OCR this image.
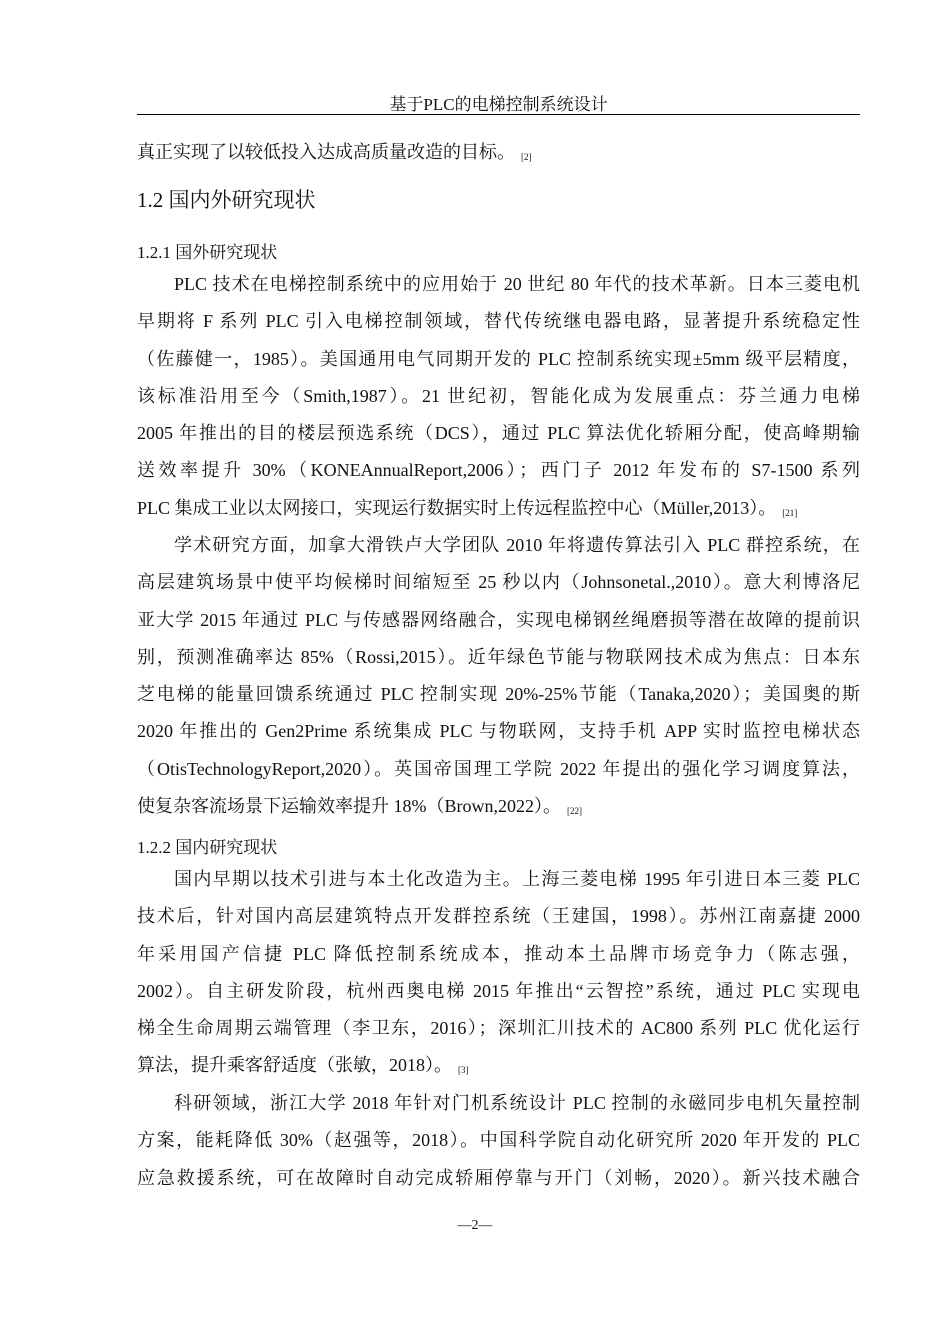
基于PLC的电梯控制系统设计
真正实现了以较低投入达成高质量改造的目标。 [2]
1.2 国内外研究现状
1.2.1 国外研究现状
PLC 技术在电梯控制系统中的应用始于 20 世纪 80 年代的技术革新。日本三菱电机
早期将 F 系列 PLC 引入电梯控制领域，替代传统继电器电路，显著提升系统稳定性
（佐藤健一，1985）。美国通用电气同期开发的 PLC 控制系统实现±5mm 级平层精度，
该标准沿用至今（Smith,1987）。21 世纪初，智能化成为发展重点：芬兰通力电梯
2005 年推出的目的楼层预选系统（DCS），通过 PLC 算法优化轿厢分配，使高峰期输
送效率提升 30%（KONEAnnualReport,2006）；西门子 2012 年发布的 S7-1500 系列
PLC 集成工业以太网接口，实现运行数据实时上传远程监控中心（Müller,2013）。 [21]
学术研究方面，加拿大滑铁卢大学团队 2010 年将遗传算法引入 PLC 群控系统，在
高层建筑场景中使平均候梯时间缩短至 25 秒以内（Johnsonetal.,2010）。意大利博洛尼
亚大学 2015 年通过 PLC 与传感器网络融合，实现电梯钢丝绳磨损等潜在故障的提前识
别，预测准确率达 85%（Rossi,2015）。近年绿色节能与物联网技术成为焦点：日本东
芝电梯的能量回馈系统通过 PLC 控制实现 20%-25%节能（Tanaka,2020）；美国奥的斯
2020 年推出的 Gen2Prime 系统集成 PLC 与物联网，支持手机 APP 实时监控电梯状态
（OtisTechnologyReport,2020）。英国帝国理工学院 2022 年提出的强化学习调度算法，
使复杂客流场景下运输效率提升 18%（Brown,2022）。 [22]
1.2.2 国内研究现状
国内早期以技术引进与本土化改造为主。上海三菱电梯 1995 年引进日本三菱 PLC
技术后，针对国内高层建筑特点开发群控系统（王建国，1998）。苏州江南嘉捷 2000
年采用国产信捷 PLC 降低控制系统成本，推动本土品牌市场竞争力（陈志强，
2002）。自主研发阶段，杭州西奥电梯 2015 年推出“云智控”系统，通过 PLC 实现电
梯全生命周期云端管理（李卫东，2016）；深圳汇川技术的 AC800 系列 PLC 优化运行
算法，提升乘客舒适度（张敏，2018）。 [3]
科研领域，浙江大学 2018 年针对门机系统设计 PLC 控制的永磁同步电机矢量控制
方案，能耗降低 30%（赵强等，2018）。中国科学院自动化研究所 2020 年开发的 PLC
应急救援系统，可在故障时自动完成轿厢停靠与开门（刘畅，2020）。新兴技术融合
—2—
